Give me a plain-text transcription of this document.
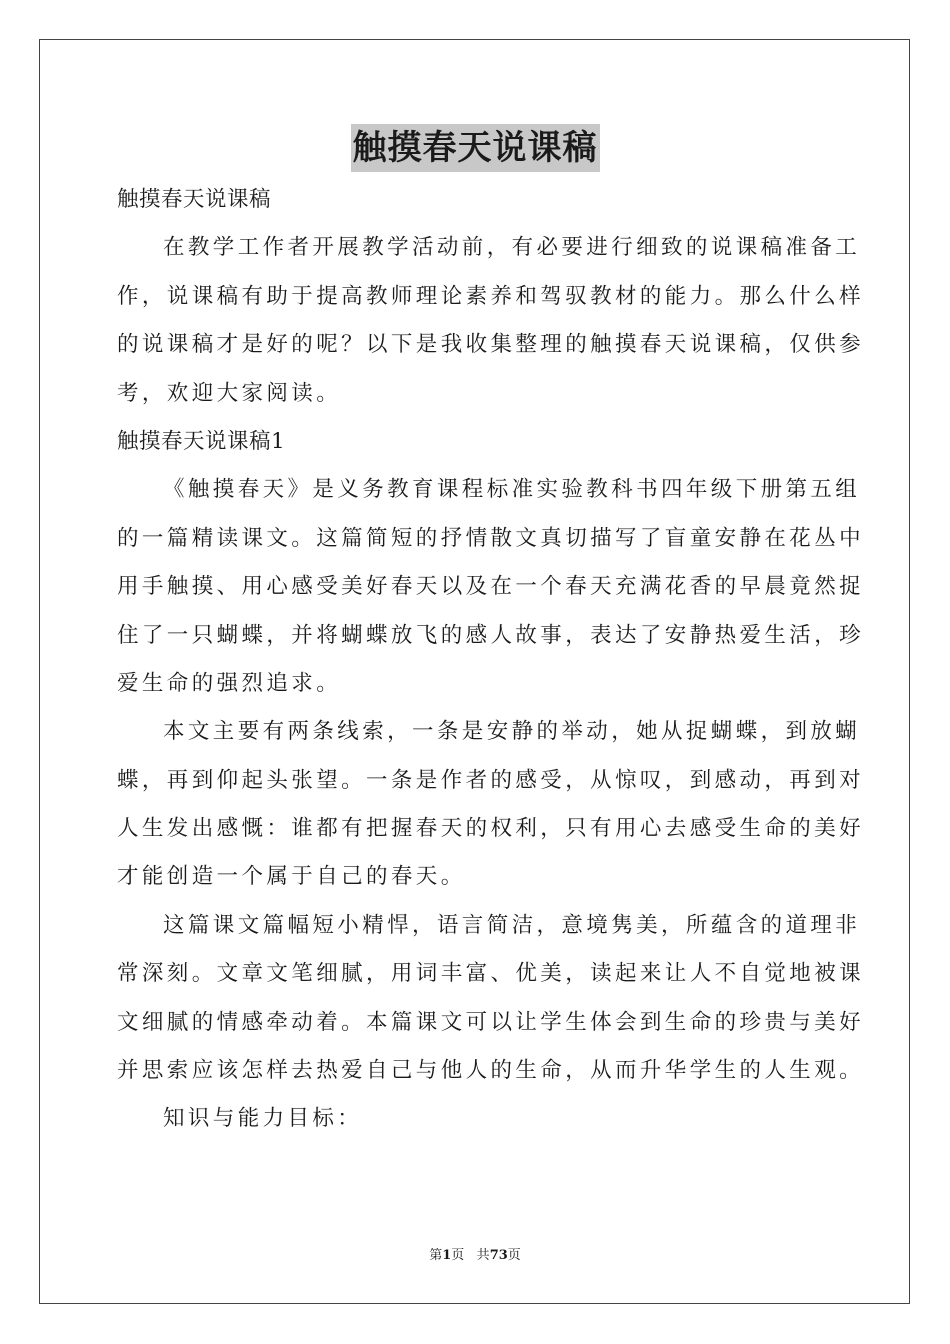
触摸春天说课稿
触摸春天说课稿
在教学工作者开展教学活动前，有必要进行细致的说课稿准备工
作，说课稿有助于提高教师理论素养和驾驭教材的能力。那么什么样
的说课稿才是好的呢？以下是我收集整理的触摸春天说课稿，仅供参
考，欢迎大家阅读。
触摸春天说课稿1
《触摸春天》是义务教育课程标准实验教科书四年级下册第五组
的一篇精读课文。这篇简短的抒情散文真切描写了盲童安静在花丛中
用手触摸、用心感受美好春天以及在一个春天充满花香的早晨竟然捉
住了一只蝴蝶，并将蝴蝶放飞的感人故事，表达了安静热爱生活，珍
爱生命的强烈追求。
本文主要有两条线索，一条是安静的举动，她从捉蝴蝶，到放蝴
蝶，再到仰起头张望。一条是作者的感受，从惊叹，到感动，再到对
人生发出感慨：谁都有把握春天的权利，只有用心去感受生命的美好
才能创造一个属于自己的春天。
这篇课文篇幅短小精悍，语言简洁，意境隽美，所蕴含的道理非
常深刻。文章文笔细腻，用词丰富、优美，读起来让人不自觉地被课
文细腻的情感牵动着。本篇课文可以让学生体会到生命的珍贵与美好
并思索应该怎样去热爱自己与他人的生命，从而升华学生的人生观。
知识与能力目标：
第1页 共73页
